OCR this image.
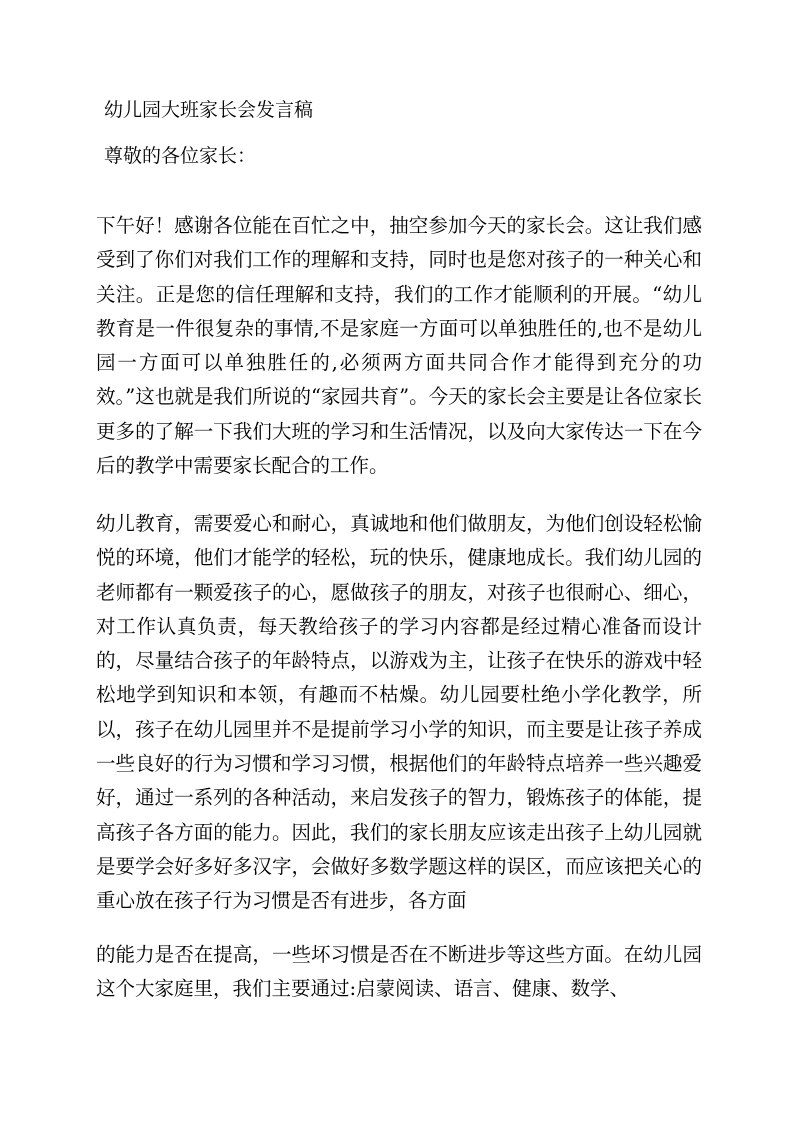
幼儿园大班家长会发言稿
尊敬的各位家长：
下午好！感谢各位能在百忙之中，抽空参加今天的家长会。这让我们感受到了你们对我们工作的理解和支持，同时也是您对孩子的一种关心和关注。正是您的信任理解和支持，我们的工作才能顺利的开展。“幼儿教育是一件很复杂的事情,不是家庭一方面可以单独胜任的,也不是幼儿园一方面可以单独胜任的,必须两方面共同合作才能得到充分的功效。”这也就是我们所说的“家园共育”。今天的家长会主要是让各位家长更多的了解一下我们大班的学习和生活情况，以及向大家传达一下在今后的教学中需要家长配合的工作。
幼儿教育，需要爱心和耐心，真诚地和他们做朋友，为他们创设轻松愉悦的环境，他们才能学的轻松，玩的快乐，健康地成长。我们幼儿园的老师都有一颗爱孩子的心，愿做孩子的朋友，对孩子也很耐心、细心，对工作认真负责，每天教给孩子的学习内容都是经过精心准备而设计的，尽量结合孩子的年龄特点，以游戏为主，让孩子在快乐的游戏中轻松地学到知识和本领，有趣而不枯燥。幼儿园要杜绝小学化教学，所以，孩子在幼儿园里并不是提前学习小学的知识，而主要是让孩子养成一些良好的行为习惯和学习习惯，根据他们的年龄特点培养一些兴趣爱好，通过一系列的各种活动，来启发孩子的智力，锻炼孩子的体能，提高孩子各方面的能力。因此，我们的家长朋友应该走出孩子上幼儿园就是要学会好多好多汉字，会做好多数学题这样的误区，而应该把关心的重心放在孩子行为习惯是否有进步，各方面
的能力是否在提高，一些坏习惯是否在不断进步等这些方面。在幼儿园这个大家庭里，我们主要通过:启蒙阅读、语言、健康、数学、
